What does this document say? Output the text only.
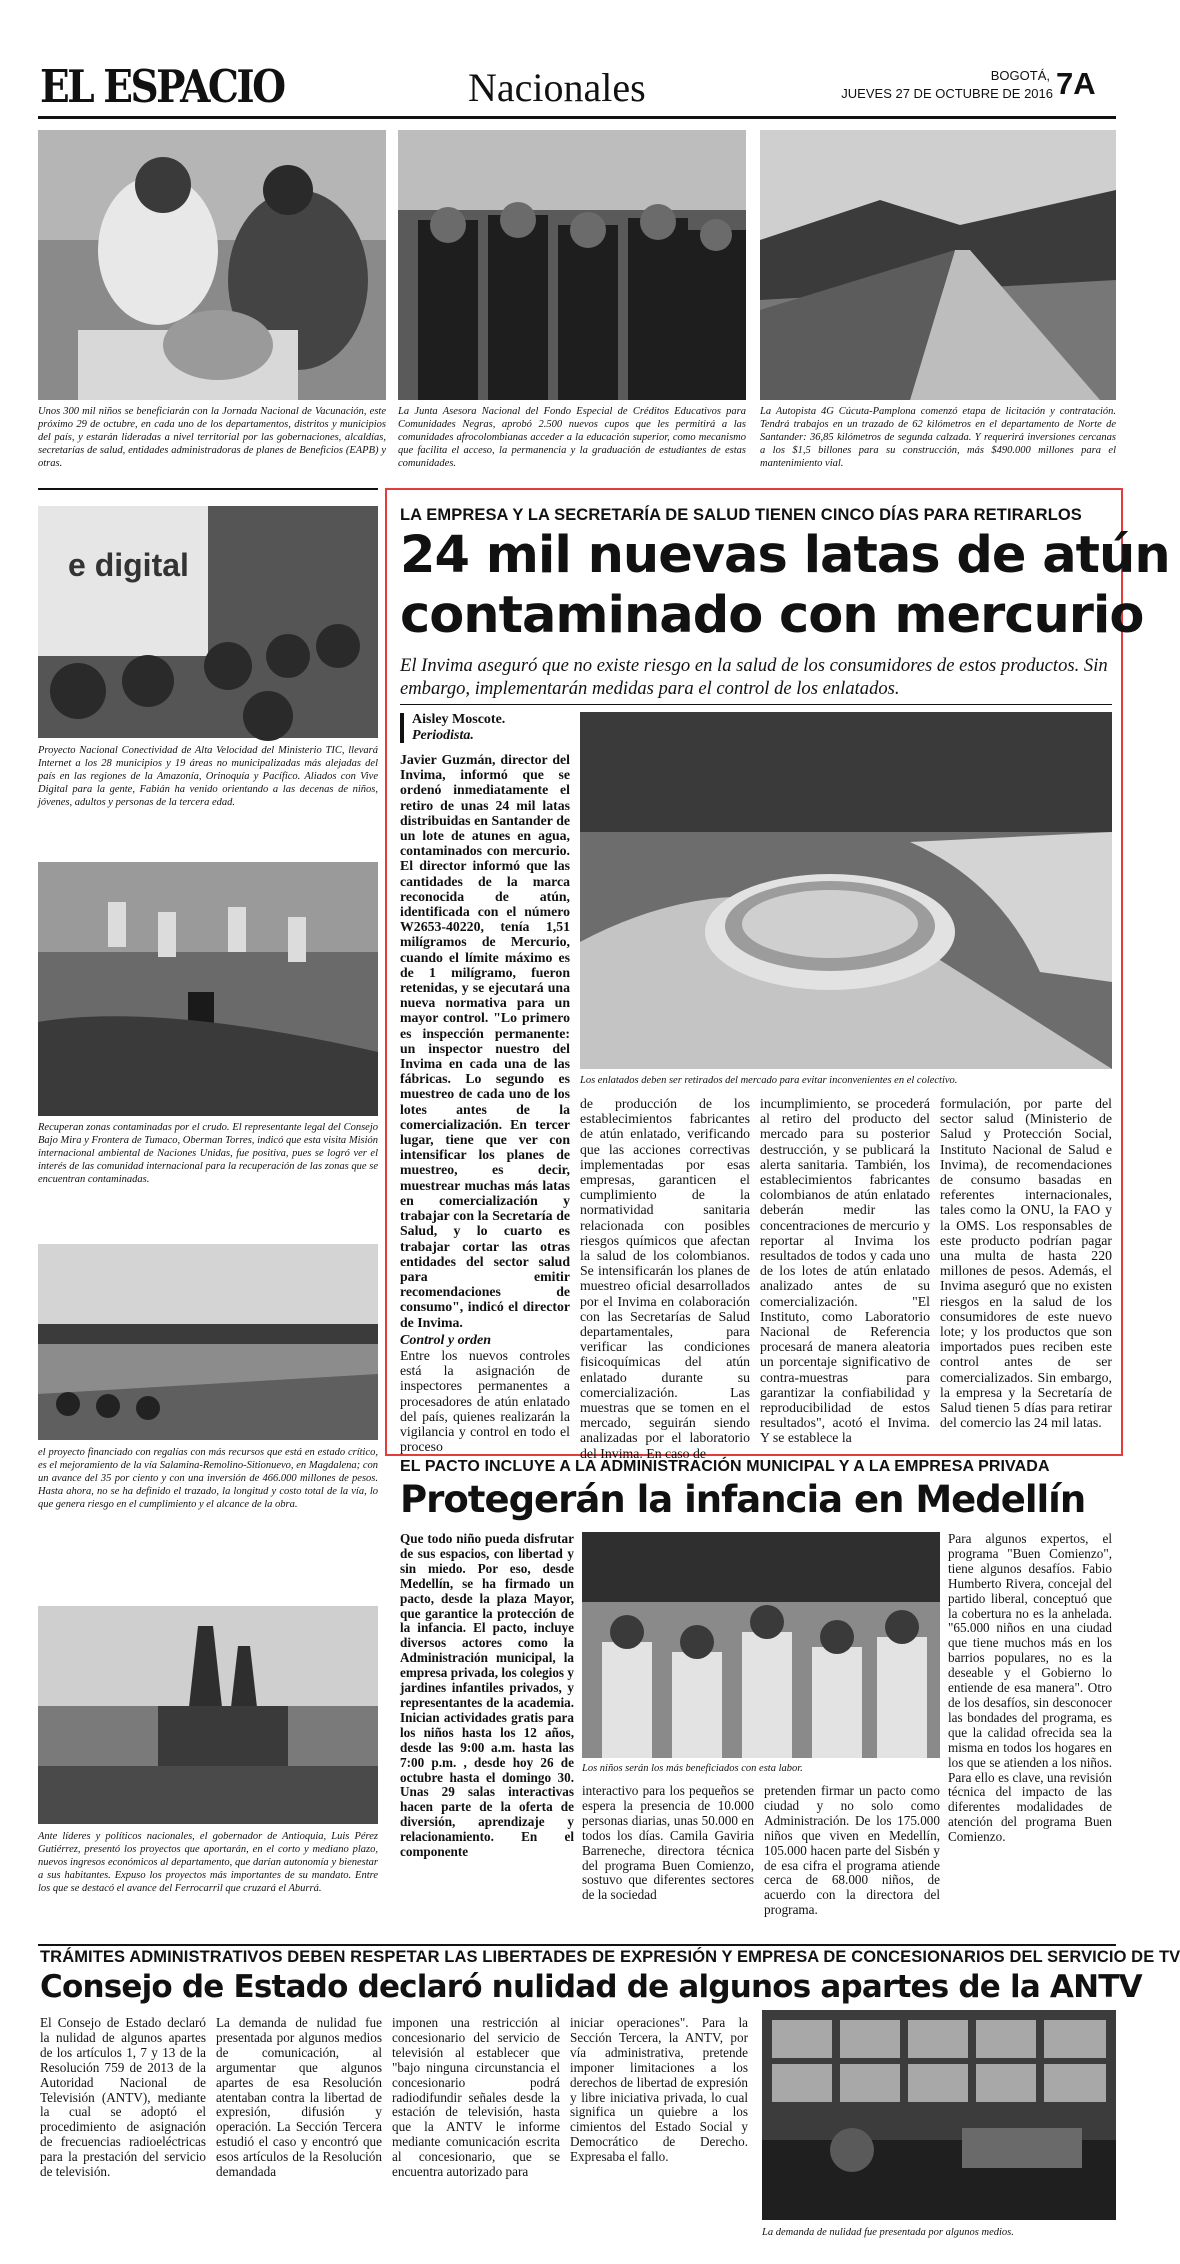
EL ESPACIO	Nacionales	BOGOTÁ,
JUEVES 27 DE OCTUBRE DE 2016 7A
Unos 300 mil niños se beneficiarán con la Jornada Nacional de Vacunación, este próximo 29 de octubre, en cada uno de los departamentos, distritos y municipios del país, y estarán lideradas a nivel territorial por las gobernaciones, alcaldías, secretarías de salud, entidades administradoras de planes de Beneficios (EAPB) y otras.
La Junta Asesora Nacional del Fondo Especial de Créditos Educativos para Comunidades Negras, aprobó 2.500 nuevos cupos que les permitirá a las comunidades afrocolombianas acceder a la educación superior, como mecanismo que facilita el acceso, la permanencia y la graduación de estudiantes de estas comunidades.
La Autopista 4G Cúcuta-Pamplona comenzó etapa de licitación y contratación. Tendrá trabajos en un trazado de 62 kilómetros en el departamento de Norte de Santander: 36,85 kilómetros de segunda calzada. Y requerirá inversiones cercanas a los $1,5 billones para su construcción, más $490.000 millones para el mantenimiento vial.
e digital
Proyecto Nacional Conectividad de Alta Velocidad del Ministerio TIC, llevará Internet a los 28 municipios y 19 áreas no municipalizadas más alejadas del país en las regiones de la Amazonía, Orinoquía y Pacífico. Aliados con Vive Digital para la gente, Fabián ha venido orientando a las decenas de niños, jóvenes, adultos y personas de la tercera edad.
Recuperan zonas contaminadas por el crudo. El representante legal del Consejo Bajo Mira y Frontera de Tumaco, Oberman Torres, indicó que esta visita Misión internacional ambiental de Naciones Unidas, fue positiva, pues se logró ver el interés de las comunidad internacional para la recuperación de las zonas que se encuentran contaminadas.
el proyecto financiado con regalías con más recursos que está en estado crítico, es el mejoramiento de la vía Salamina-Remolino-Sitionuevo, en Magdalena; con un avance del 35 por ciento y con una inversión de 466.000 millones de pesos. Hasta ahora, no se ha definido el trazado, la longitud y costo total de la vía, lo que genera riesgo en el cumplimiento y el alcance de la obra.
Ante líderes y políticos nacionales, el gobernador de Antioquia, Luis Pérez Gutiérrez, presentó los proyectos que aportarán, en el corto y mediano plazo, nuevos ingresos económicos al departamento, que darían autonomía y bienestar a sus habitantes. Expuso los proyectos más importantes de su mandato. Entre los que se destacó el avance del Ferrocarril que cruzará el Aburrá.
LA EMPRESA Y LA SECRETARÍA DE SALUD TIENEN CINCO DÍAS PARA RETIRARLOS
24 mil nuevas latas de atún
contaminado con mercurio
El Invima aseguró que no existe riesgo en la salud de los consumidores de estos productos. Sin embargo, implementarán medidas para el control de los enlatados.
Aisley Moscote.
Periodista.
Los enlatados deben ser retirados del mercado para evitar inconvenientes en el colectivo.

Javier Guzmán, director del Invima, informó que se ordenó inmediatamente el retiro de unas 24 mil latas distribuidas en Santander de un lote de atunes en agua, contaminados con mercurio. El director informó que las cantidades de la marca reconocida de atún, identificada con el número W2653-40220, tenía 1,51 milígramos de Mercurio, cuando el límite máximo es de 1 milígramo, fueron retenidas, y se ejecutará una nueva normativa para un mayor control. "Lo primero es inspección permanente: un inspector nuestro del Invima en cada una de las fábricas. Lo segundo es muestreo de cada uno de los lotes antes de la comercialización. En tercer lugar, tiene que ver con intensificar los planes de muestreo, es decir, muestrear muchas más latas en comercialización y trabajar con la Secretaría de Salud, y lo cuarto es trabajar cortar las otras entidades del sector salud para emitir recomendaciones de consumo", indicó el director de Invima.

Control y orden

Entre los nuevos controles está la asignación de inspectores permanentes a procesadores de atún enlatado del país, quienes realizarán la vigilancia y control en todo el proceso

de producción de los establecimientos fabricantes de atún enlatado, verificando que las acciones correctivas implementadas por esas empresas, garanticen el cumplimiento de la normatividad sanitaria relacionada con posibles riesgos químicos que afectan la salud de los colombianos. Se intensificarán los planes de muestreo oficial desarrollados por el Invima en colaboración con las Secretarías de Salud departamentales, para verificar las condiciones fisicoquímicas del atún enlatado durante su comercialización. Las muestras que se tomen en el mercado, seguirán siendo analizadas por el laboratorio del Invima. En caso de
incumplimiento, se procederá al retiro del producto del mercado para su posterior destrucción, y se publicará la alerta sanitaria. También, los establecimientos fabricantes colombianos de atún enlatado deberán medir las concentraciones de mercurio y reportar al Invima los resultados de todos y cada uno de los lotes de atún enlatado analizado antes de su comercialización. "El Instituto, como Laboratorio Nacional de Referencia procesará de manera aleatoria un porcentaje significativo de contra-muestras para garantizar la confiabilidad y reproducibilidad de estos resultados", acotó el Invima. Y se establece la
formulación, por parte del sector salud (Ministerio de Salud y Protección Social, Instituto Nacional de Salud e Invima), de recomendaciones de consumo basadas en referentes internacionales, tales como la ONU, la FAO y la OMS. Los responsables de este producto podrían pagar una multa de hasta 220 millones de pesos. Además, el Invima aseguró que no existen riesgos en la salud de los consumidores de este nuevo lote; y los productos que son importados pues reciben este control antes de ser comercializados. Sin embargo, la empresa y la Secretaría de Salud tienen 5 días para retirar del comercio las 24 mil latas.
EL PACTO INCLUYE A LA ADMINISTRACIÓN MUNICIPAL Y A LA EMPRESA PRIVADA
Protegerán la infancia en Medellín
Que todo niño pueda disfrutar de sus espacios, con libertad y sin miedo. Por eso, desde Medellín, se ha firmado un pacto, desde la plaza Mayor, que garantice la protección de la infancia. El pacto, incluye diversos actores como la Administración municipal, la empresa privada, los colegios y jardines infantiles privados, y representantes de la academia. Inician actividades gratis para los niños hasta los 12 años, desde las 9:00 a.m. hasta las 7:00 p.m. , desde hoy 26 de octubre hasta el domingo 30. Unas 29 salas interactivas hacen parte de la oferta de diversión, aprendizaje y relacionamiento. En el componente
Los niños serán los más beneficiados con esta labor.
interactivo para los pequeños se espera la presencia de 10.000 personas diarias, unas 50.000 en todos los días. Camila Gaviria Barreneche, directora técnica del programa Buen Comienzo, sostuvo que diferentes sectores de la sociedad
pretenden firmar un pacto como ciudad y no solo como Administración. De los 175.000 niños que viven en Medellín, 105.000 hacen parte del Sisbén y de esa cifra el programa atiende cerca de 68.000 niños, de acuerdo con la directora del programa.
Para algunos expertos, el programa "Buen Comienzo", tiene algunos desafíos. Fabio Humberto Rivera, concejal del partido liberal, conceptuó que la cobertura no es la anhelada. "65.000 niños en una ciudad que tiene muchos más en los barrios populares, no es la deseable y el Gobierno lo entiende de esa manera". Otro de los desafíos, sin desconocer las bondades del programa, es que la calidad ofrecida sea la misma en todos los hogares en los que se atienden a los niños. Para ello es clave, una revisión técnica del impacto de las diferentes modalidades de atención del programa Buen Comienzo.
TRÁMITES ADMINISTRATIVOS DEBEN RESPETAR LAS LIBERTADES DE EXPRESIÓN Y EMPRESA DE CONCESIONARIOS DEL SERVICIO DE TV
Consejo de Estado declaró nulidad de algunos apartes de la ANTV
El Consejo de Estado declaró la nulidad de algunos apartes de los artículos 1, 7 y 13 de la Resolución 759 de 2013 de la Autoridad Nacional de Televisión (ANTV), mediante la cual se adoptó el procedimiento de asignación de frecuencias radioeléctricas para la prestación del servicio de televisión.
La demanda de nulidad fue presentada por algunos medios de comunicación, al argumentar que algunos apartes de esa Resolución atentaban contra la libertad de expresión, difusión y operación. La Sección Tercera estudió el caso y encontró que esos artículos de la Resolución demandada
imponen una restricción al concesionario del servicio de televisión al establecer que "bajo ninguna circunstancia el concesionario podrá radiodifundir señales desde la estación de televisión, hasta que la ANTV le informe mediante comunicación escrita al concesionario, que se encuentra autorizado para
iniciar operaciones". Para la Sección Tercera, la ANTV, por vía administrativa, pretende imponer limitaciones a los derechos de libertad de expresión y libre iniciativa privada, lo cual significa un quiebre a los cimientos del Estado Social y Democrático de Derecho. Expresaba el fallo.
La demanda de nulidad fue presentada por algunos medios.
